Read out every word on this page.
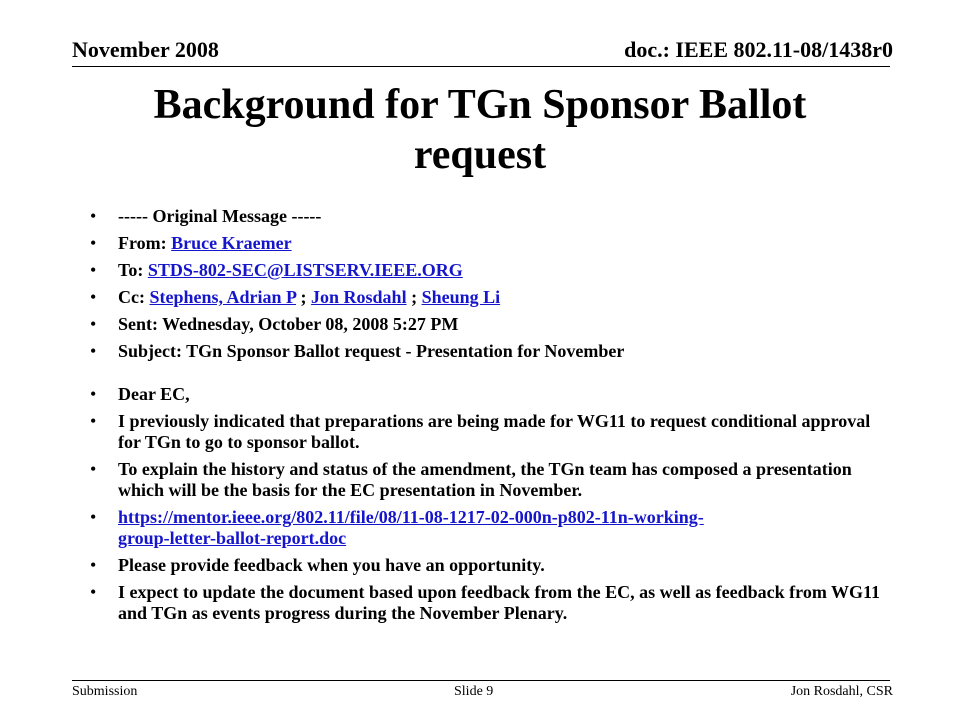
November 2008	doc.: IEEE 802.11-08/1438r0
Background for TGn Sponsor Ballot request
• ----- Original Message -----
• From: Bruce Kraemer
• To: STDS-802-SEC@LISTSERV.IEEE.ORG
• Cc: Stephens, Adrian P ; Jon Rosdahl ; Sheung Li
• Sent: Wednesday, October 08, 2008 5:27 PM
• Subject: TGn Sponsor Ballot request - Presentation for November
• Dear EC,
• I previously indicated that preparations are being made for WG11 to request conditional approval for TGn to go to sponsor ballot.
• To explain the history and status of the amendment, the TGn team has composed a presentation which will be the basis for the EC presentation in November.
• https://mentor.ieee.org/802.11/file/08/11-08-1217-02-000n-p802-11n-working-
group-letter-ballot-report.doc
• Please provide feedback when you have an opportunity.
• I expect to update the document based upon feedback from the EC, as well as feedback from WG11 and TGn as events progress during the November Plenary.
Submission	Slide 9	Jon Rosdahl, CSR
